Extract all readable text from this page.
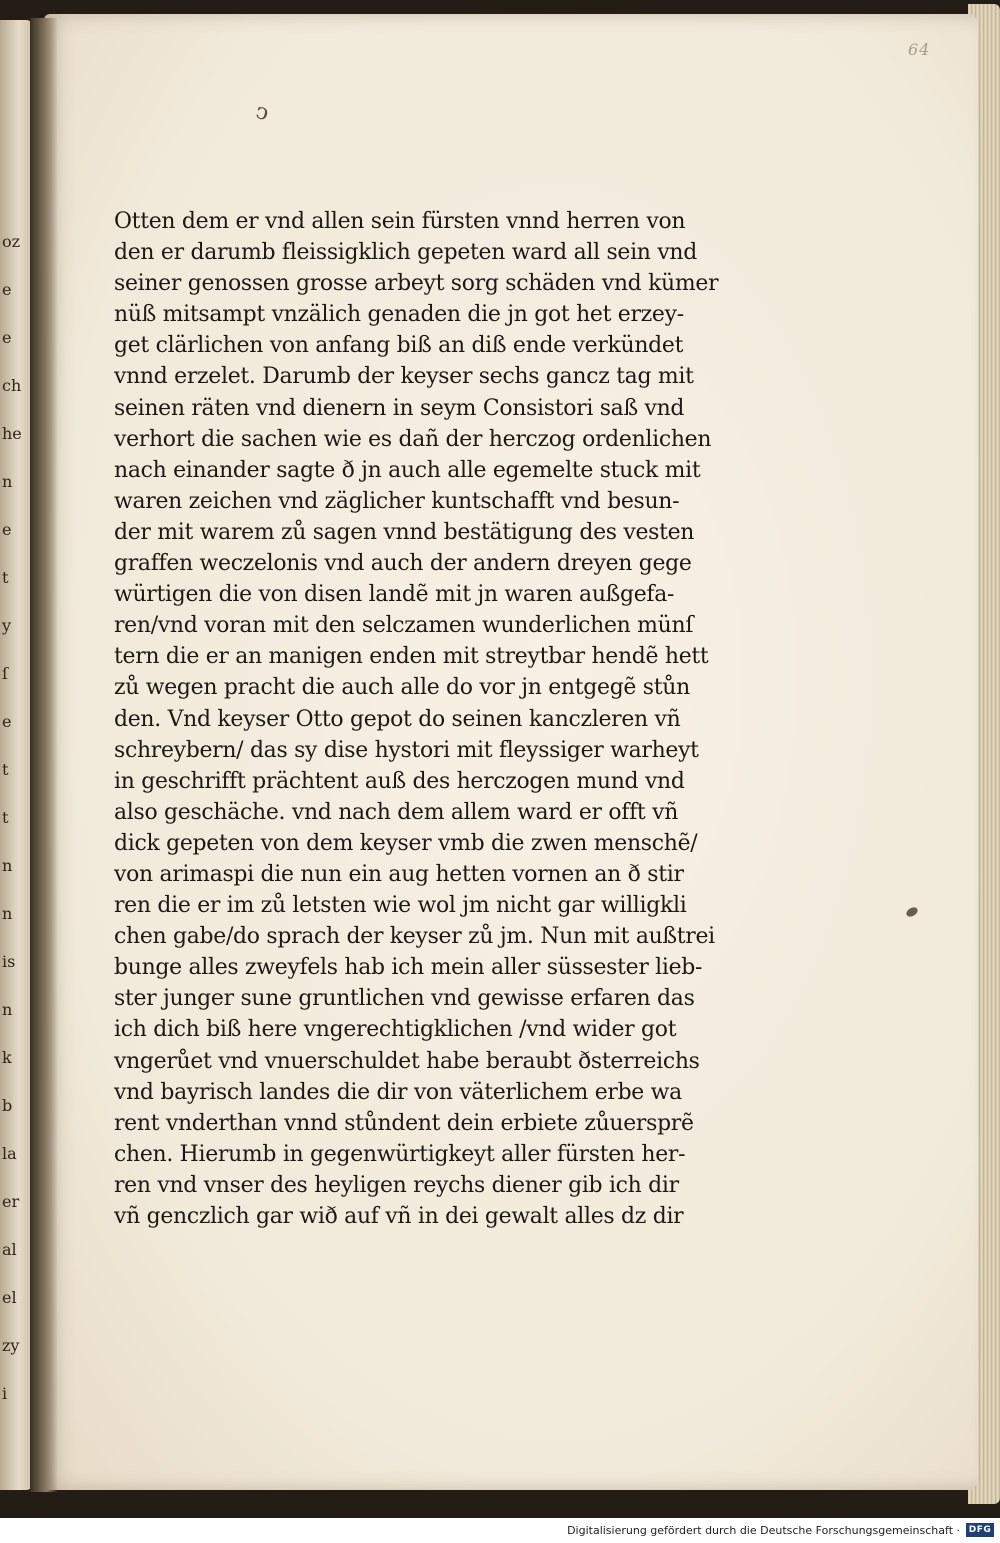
oz
e
e
ch
he
n
e
t
y
ſ
e
t
t
n
n
is
n
k
b
la
er
al
el
zy
i
64
ↄ
Otten dem er vnd allen sein fürsten vnnd herren von
den er darumb fleissigklich gepeten ward all sein vnd
seiner genossen grosse arbeyt sorg schäden vnd kümer
nüß mitsampt vnzälich genaden die jn got het erzey-
get clärlichen von anfang biß an diß ende verkündet
vnnd erzelet. Darumb der keyser sechs gancz tag mit
seinen räten vnd dienern in seym Consistori saß vnd
verhort die sachen wie es dañ der herczog ordenlichen
nach einander sagte ð jn auch alle egemelte stuck mit
waren zeichen vnd zäglicher kuntschafft vnd besun-
der mit warem zů sagen vnnd bestätigung des vesten
graffen weczelonis vnd auch der andern dreyen gege
würtigen die von disen landẽ mit jn waren außgefa-
ren/vnd voran mit den selczamen wunderlichen münſ
tern die er an manigen enden mit streytbar hendẽ hett
zů wegen pracht die auch alle do vor jn entgegẽ stůn
den. Vnd keyser Otto gepot do seinen kanczleren vñ
schreybern/ das sy dise hystori mit fleyssiger warheyt
in geschrifft prächtent auß des herczogen mund vnd
also geschäche. vnd nach dem allem ward er offt vñ
dick gepeten von dem keyser vmb die zwen menschẽ/
von arimaspi die nun ein aug hetten vornen an ð stir
ren die er im zů letsten wie wol jm nicht gar willigkli
chen gabe/do sprach der keyser zů jm. Nun mit außtrei
bunge alles zweyfels hab ich mein aller süssester lieb-
ster junger sune gruntlichen vnd gewisse erfaren das
ich dich biß here vngerechtigklichen /vnd wider got
vngerůet vnd vnuerschuldet habe beraubt ðsterreichs
vnd bayrisch landes die dir von väterlichem erbe wa
rent vnderthan vnnd stůndent dein erbiete zůuersprẽ
chen. Hierumb in gegenwürtigkeyt aller fürsten her-
ren vnd vnser des heyligen reychs diener gib ich dir
vñ genczlich gar wið auf vñ in dei gewalt alles dz dir
Digitalisierung gefördert durch die Deutsche Forschungsgemeinschaft · DFG
